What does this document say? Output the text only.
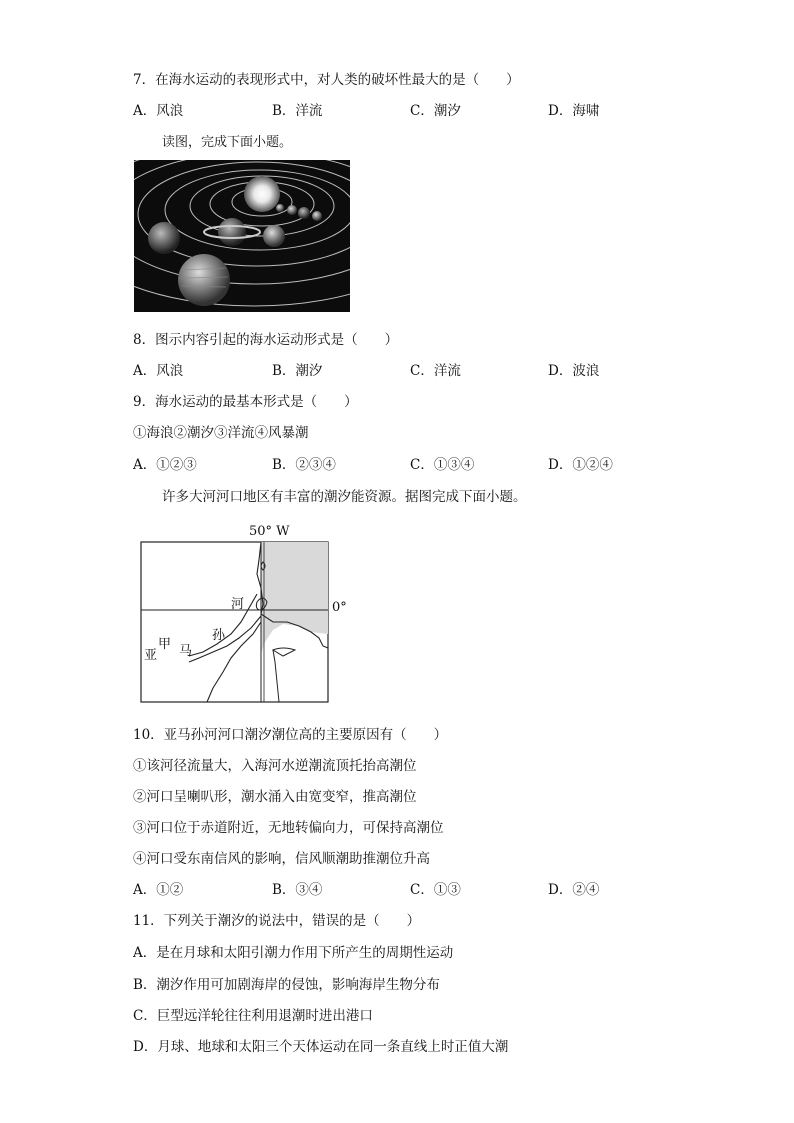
7．在海水运动的表现形式中，对人类的破坏性最大的是（　　）
A．风浪	B．洋流	C．潮汐	D．海啸
读图，完成下面小题。
8．图示内容引起的海水运动形式是（　　）
A．风浪	B．潮汐	C．洋流	D．波浪
9．海水运动的最基本形式是（　　）
①海浪②潮汐③洋流④风暴潮
A．①②③	B．②③④	C．①③④	D．①②④
许多大河河口地区有丰富的潮汐能资源。据图完成下面小题。
50° W
0°
河
孙
甲 马
亚
10．亚马孙河河口潮汐潮位高的主要原因有（　　）
①该河径流量大，入海河水逆潮流顶托抬高潮位
②河口呈喇叭形，潮水涌入由宽变窄，推高潮位
③河口位于赤道附近，无地转偏向力，可保持高潮位
④河口受东南信风的影响，信风顺潮助推潮位升高
A．①②	B．③④	C．①③	D．②④
11．下列关于潮汐的说法中，错误的是（　　）
A．是在月球和太阳引潮力作用下所产生的周期性运动
B．潮汐作用可加剧海岸的侵蚀，影响海岸生物分布
C．巨型远洋轮往往利用退潮时进出港口
D．月球、地球和太阳三个天体运动在同一条直线上时正值大潮
